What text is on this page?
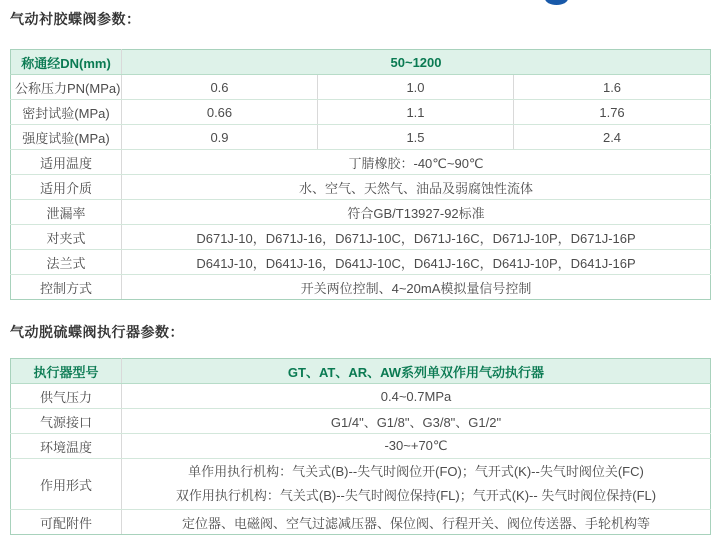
气动衬胶蝶阀参数：
称通经DN(mm)	50~1200		
公称压力PN(MPa)	0.6	1.0	1.6
密封试验(MPa)	0.66	1.1	1.76
强度试验(MPa)	0.9	1.5	2.4
适用温度	丁腈橡胶：-40℃~90℃		
适用介质	水、空气、天然气、油品及弱腐蚀性流体		
泄漏率	符合GB/T13927-92标准		
对夹式	D671J-10，D671J-16，D671J-10C，D671J-16C，D671J-10P，D671J-16P		
法兰式	D641J-10，D641J-16，D641J-10C，D641J-16C，D641J-10P，D641J-16P		
控制方式	开关两位控制、4~20mA模拟量信号控制		
气动脱硫蝶阀执行器参数：
执行器型号	GT、AT、AR、AW系列单双作用气动执行器
供气压力	0.4~0.7MPa
气源接口	G1/4"、G1/8"、G3/8"、G1/2"
环境温度	-30~+70℃
作用形式	单作用执行机构：气关式(B)--失气时阀位开(FO)；气开式(K)--失气时阀位关(FC)
双作用执行机构：气关式(B)--失气时阀位保持(FL)；气开式(K)-- 失气时阀位保持(FL)

可配附件	定位器、电磁阀、空气过滤减压器、保位阀、行程开关、阀位传送器、手轮机构等
